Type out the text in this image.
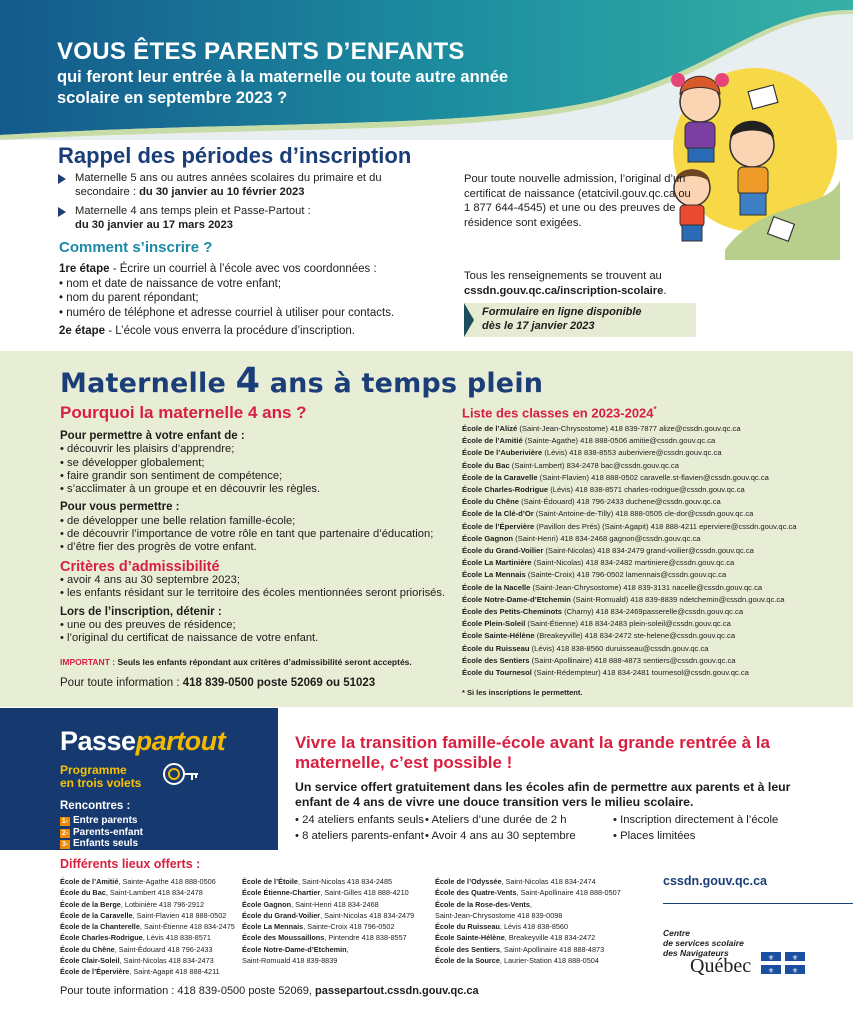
VOUS ÊTES PARENTS D’ENFANTS
qui feront leur entrée à la maternelle ou toute autre année scolaire en septembre 2023 ?
Rappel des périodes d’inscription
Maternelle 5 ans ou autres années scolaires du primaire et du secondaire : du 30 janvier au 10 février 2023
Maternelle 4 ans temps plein et Passe-Partout :
du 30 janvier au 17 mars 2023
Comment s’inscrire ?

1re étape - Écrire un courriel à l’école avec vos coordonnées :

• nom et date de naissance de votre enfant;

• nom du parent répondant;

• numéro de téléphone et adresse courriel à utiliser pour contacts.

2e étape - L’école vous enverra la procédure d’inscription.

Pour toute nouvelle admission, l’original d’un certificat de naissance (etatcivil.gouv.qc.ca ou 1 877 644-4545) et une ou des preuves de résidence sont exigées.
Tous les renseignements se trouvent au
cssdn.gouv.qc.ca/inscription-scolaire.
Formulaire en ligne disponible
dès le 17 janvier 2023
Maternelle 4 ans à temps plein
Pourquoi la maternelle 4 ans ?
Pour permettre à votre enfant de :
• découvrir les plaisirs d’apprendre;
• se développer globalement;
• faire grandir son sentiment de compétence;
• s’acclimater à un groupe et en découvrir les règles.
Pour vous permettre :
• de développer une belle relation famille-école;
• de découvrir l’importance de votre rôle en tant que partenaire d’éducation;
• d’être fier des progrès de votre enfant.
Critères d’admissibilité
• avoir 4 ans au 30 septembre 2023;
• les enfants résidant sur le territoire des écoles mentionnées seront priorisés.
Lors de l’inscription, détenir :
• une ou des preuves de résidence;
• l’original du certificat de naissance de votre enfant.
IMPORTANT : Seuls les enfants répondant aux critères d’admissibilité seront acceptés.
Pour toute information : 418 839-0500 poste 52069 ou 51023
Liste des classes en 2023-2024*
École de l’Alizé (Saint-Jean-Chrysostome) 418 839-7877 alize@cssdn.gouv.qc.ca
École de l’Amitié (Sainte-Agathe) 418 888-0506 amitie@cssdn.gouv.qc.ca
École De l’Auberivière (Lévis) 418 838-8553 auberiviere@cssdn.gouv.qc.ca
École du Bac (Saint-Lambert) 834-2478 bac@cssdn.gouv.qc.ca
École de la Caravelle (Saint-Flavien) 418 888-0502 caravelle.st-flavien@cssdn.gouv.qc.ca
École Charles-Rodrigue (Lévis) 418 838-8571 charles-rodrigue@cssdn.gouv.qc.ca
École du Chêne (Saint-Édouard) 418 796-2433 duchene@cssdn.gouv.qc.ca
École de la Clé-d’Or (Saint-Antoine-de-Tilly) 418 888-0505 cle-dor@cssdn.gouv.qc.ca
École de l’Épervière (Pavillon des Prés) (Saint-Agapit) 418 888-4211 eperviere@cssdn.gouv.qc.ca
École Gagnon (Saint-Henri) 418 834-2468 gagnon@cssdn.gouv.qc.ca
École du Grand-Voilier (Saint-Nicolas) 418 834-2479 grand-voilier@cssdn.gouv.qc.ca
École La Martinière (Saint-Nicolas) 418 834-2482 martiniere@cssdn.gouv.qc.ca
École La Mennais (Sainte-Croix) 418 796-0502 lamennais@cssdn.gouv.qc.ca
École de la Nacelle (Saint-Jean-Chrysostome) 418 839-3131 nacelle@cssdn.gouv.qc.ca
École Notre-Dame-d’Etchemin (Saint-Romuald) 418 839-8839 ndetchemin@cssdn.gouv.qc.ca
École des Petits-Cheminots (Charny) 418 834-2469passerelle@cssdn.gouv.qc.ca
École Plein-Soleil (Saint-Étienne) 418 834-2483 plein-soleil@cssdn.gouv.qc.ca
École Sainte-Hélène (Breakeyville) 418 834-2472 ste-helene@cssdn.gouv.qc.ca
École du Ruisseau (Lévis) 418 838-8560 duruisseau@cssdn.gouv.qc.ca
École des Sentiers (Saint-Apollinaire) 418 888-4873 sentiers@cssdn.gouv.qc.ca
École du Tournesol (Saint-Rédempteur) 418 834-2481 tournesol@cssdn.gouv.qc.ca
* Si les inscriptions le permettent.
Passepartout
Programme
en trois volets
Rencontres :
1- Entre parents
2- Parents-enfant
3- Enfants seuls
Vivre la transition famille-école avant la grande rentrée à la maternelle, c’est possible !
Un service offert gratuitement dans les écoles afin de permettre aux parents et à leur enfant de 4 ans de vivre une douce transition vers le milieu scolaire.
• 24 ateliers enfants seuls
• 8 ateliers parents-enfant
• Ateliers d’une durée de 2 h
• Avoir 4 ans au 30 septembre
• Inscription directement à l’école
• Places limitées
Différents lieux offerts :
École de l’Amitié, Sainte-Agathe 418 888-0506
École du Bac, Saint-Lambert 418 834-2478
École de la Berge, Lotbinière 418 796-2912
École de la Caravelle, Saint-Flavien 418 888-0502
École de la Chanterelle, Saint-Étienne 418 834-2475
École Charles-Rodrigue, Lévis 418 838-8571
École du Chêne, Saint-Édouard 418 796-2433
École Clair-Soleil, Saint-Nicolas 418 834-2473
École de l’Épervière, Saint-Agapit 418 888-4211
École de l’Étoile, Saint-Nicolas 418 834-2485
École Étienne-Chartier, Saint-Gilles 418 888-4210
École Gagnon, Saint-Henri 418 834-2468
École du Grand-Voilier, Saint-Nicolas 418 834-2479
École La Mennais, Sainte-Croix 418 796-0502
École des Moussaillons, Pintendre 418 838-8557
École Notre-Dame-d’Etchemin,
Saint-Romuald 418 839-8839
École de l’Odyssée, Saint-Nicolas 418 834-2474
École des Quatre-Vents, Saint-Apollinaire 418 888-0507
École de la Rose-des-Vents,
Saint-Jean-Chrysostome 418 839-0098
École du Ruisseau, Lévis 418 838-8560
École Sainte-Hélène, Breakeyville 418 834-2472
École des Sentiers, Saint-Apollinaire 418 888-4873
École de la Source, Laurier-Station 418 888-0504
cssdn.gouv.qc.ca
Centre
de services scolaire
des Navigateurs
Québec ⚜	⚜
⚜	⚜
Pour toute information : 418 839-0500 poste 52069, passepartout.cssdn.gouv.qc.ca
